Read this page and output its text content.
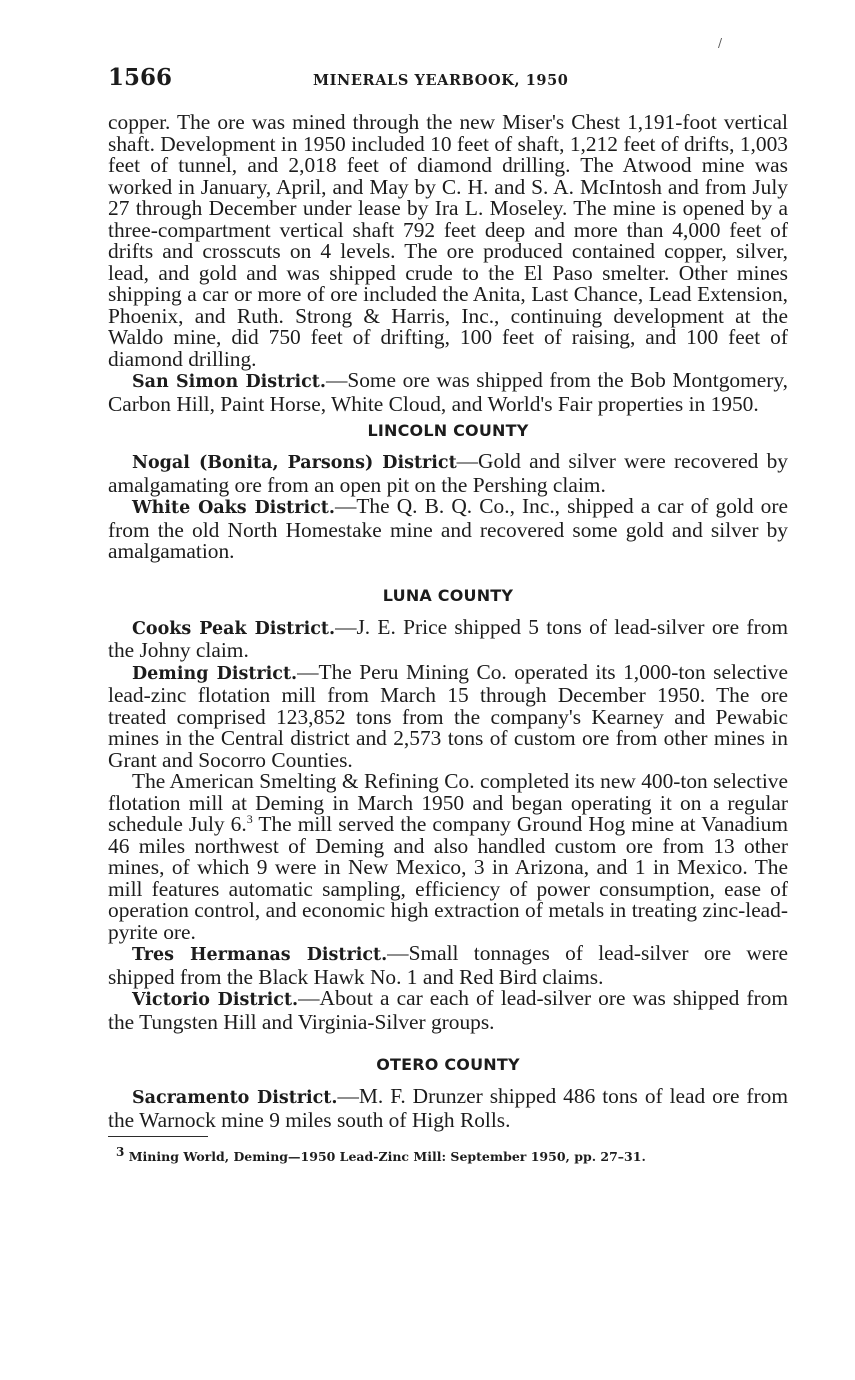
1566	MINERALS YEARBOOK, 1950
/

copper. The ore was mined through the new Miser's Chest 1,191-foot vertical shaft. Development in 1950 included 10 feet of shaft, 1,212 feet of drifts, 1,003 feet of tunnel, and 2,018 feet of diamond drilling. The Atwood mine was worked in January, April, and May by C. H. and S. A. McIntosh and from July 27 through December under lease by Ira L. Moseley. The mine is opened by a three-compartment vertical shaft 792 feet deep and more than 4,000 feet of drifts and crosscuts on 4 levels. The ore produced contained copper, silver, lead, and gold and was shipped crude to the El Paso smelter. Other mines shipping a car or more of ore included the Anita, Last Chance, Lead Extension, Phoenix, and Ruth. Strong & Harris, Inc., continuing development at the Waldo mine, did 750 feet of drifting, 100 feet of raising, and 100 feet of diamond drilling.

San Simon District.—Some ore was shipped from the Bob Montgomery, Carbon Hill, Paint Horse, White Cloud, and World's Fair properties in 1950.

LINCOLN COUNTY

Nogal (Bonita, Parsons) District—Gold and silver were recovered by amalgamating ore from an open pit on the Pershing claim.

White Oaks District.—The Q. B. Q. Co., Inc., shipped a car of gold ore from the old North Homestake mine and recovered some gold and silver by amalgamation.

LUNA COUNTY

Cooks Peak District.—J. E. Price shipped 5 tons of lead-silver ore from the Johny claim.

Deming District.—The Peru Mining Co. operated its 1,000-ton selective lead-zinc flotation mill from March 15 through December 1950. The ore treated comprised 123,852 tons from the company's Kearney and Pewabic mines in the Central district and 2,573 tons of custom ore from other mines in Grant and Socorro Counties.

The American Smelting & Refining Co. completed its new 400-ton selective flotation mill at Deming in March 1950 and began operating it on a regular schedule July 6.$^3$ The mill served the company Ground Hog mine at Vanadium 46 miles northwest of Deming and also handled custom ore from 13 other mines, of which 9 were in New Mexico, 3 in Arizona, and 1 in Mexico. The mill features automatic sampling, efficiency of power consumption, ease of operation control, and economic high extraction of metals in treating zinc-lead-pyrite ore.

Tres Hermanas District.—Small tonnages of lead-silver ore were shipped from the Black Hawk No. 1 and Red Bird claims.

Victorio District.—About a car each of lead-silver ore was shipped from the Tungsten Hill and Virginia-Silver groups.

OTERO COUNTY

Sacramento District.—M. F. Drunzer shipped 486 tons of lead ore from the Warnock mine 9 miles south of High Rolls.

$^3$ Mining World, Deming—1950 Lead-Zinc Mill: September 1950, pp. 27–31.
